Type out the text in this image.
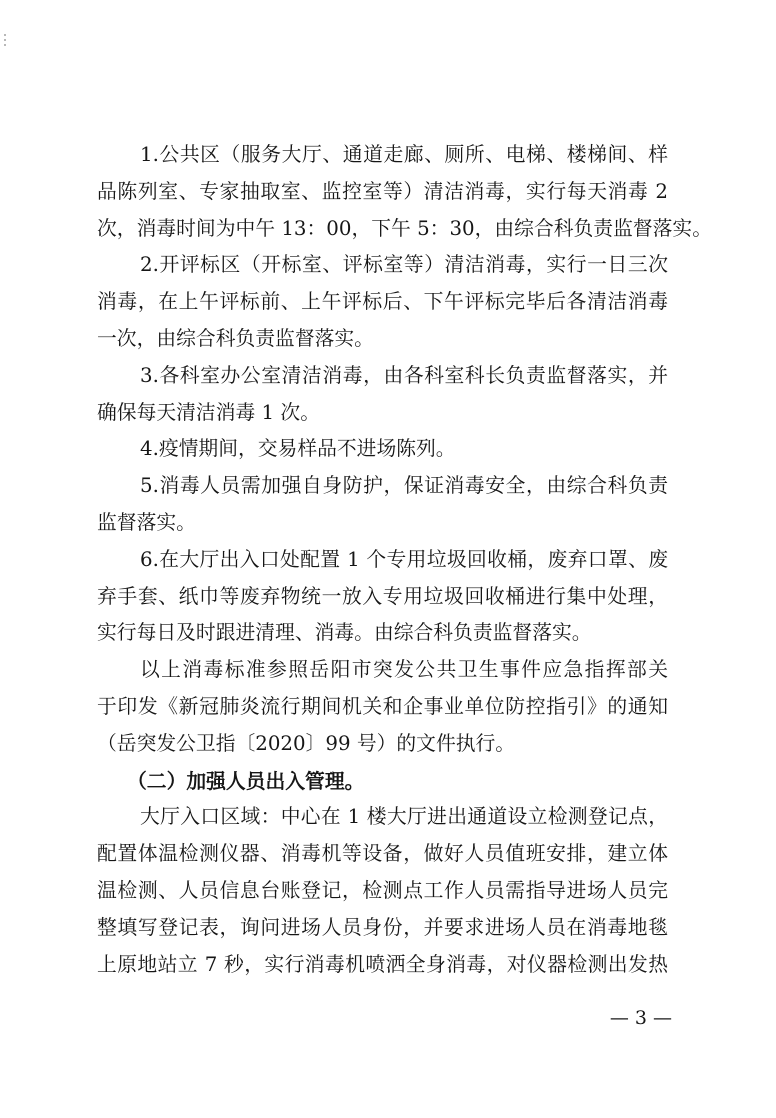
1.公共区（服务大厅、通道走廊、厕所、电梯、楼梯间、样
品陈列室、专家抽取室、监控室等）清洁消毒，实行每天消毒 2
次，消毒时间为中午 13：00，下午 5：30，由综合科负责监督落实。
2.开评标区（开标室、评标室等）清洁消毒，实行一日三次
消毒，在上午评标前、上午评标后、下午评标完毕后各清洁消毒
一次，由综合科负责监督落实。
3.各科室办公室清洁消毒，由各科室科长负责监督落实，并
确保每天清洁消毒 1 次。
4.疫情期间，交易样品不进场陈列。
5.消毒人员需加强自身防护，保证消毒安全，由综合科负责
监督落实。
6.在大厅出入口处配置 1 个专用垃圾回收桶，废弃口罩、废
弃手套、纸巾等废弃物统一放入专用垃圾回收桶进行集中处理，
实行每日及时跟进清理、消毒。由综合科负责监督落实。
以上消毒标准参照岳阳市突发公共卫生事件应急指挥部关
于印发《新冠肺炎流行期间机关和企事业单位防控指引》的通知
（岳突发公卫指〔2020〕99 号）的文件执行。
（二）加强人员出入管理。
大厅入口区域：中心在 1 楼大厅进出通道设立检测登记点，
配置体温检测仪器、消毒机等设备，做好人员值班安排，建立体
温检测、人员信息台账登记，检测点工作人员需指导进场人员完
整填写登记表，询问进场人员身份，并要求进场人员在消毒地毯
上原地站立 7 秒，实行消毒机喷洒全身消毒，对仪器检测出发热
— 3 —
